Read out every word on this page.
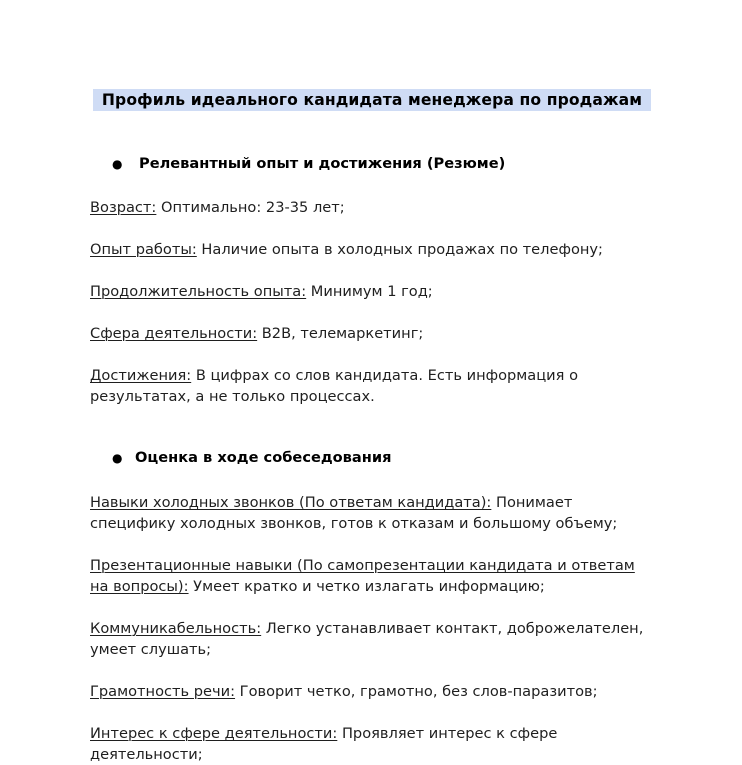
Профиль идеального кандидата менеджера по продажам
● Релевантный опыт и достижения (Резюме)
Возраст: Оптимально: 23-35 лет;
Опыт работы: Наличие опыта в холодных продажах по телефону;
Продолжительность опыта: Минимум 1 год;
Сфера деятельности: B2B, телемаркетинг;
Достижения: В цифрах со слов кандидата. Есть информация о результатах, а не только процессах.
● Оценка в ходе собеседования
Навыки холодных звонков (По ответам кандидата): Понимает специфику холодных звонков, готов к отказам и большому объему;
Презентационные навыки (По самопрезентации кандидата и ответам на вопросы): Умеет кратко и четко излагать информацию;
Коммуникабельность: Легко устанавливает контакт, доброжелателен, умеет слушать;
Грамотность речи: Говорит четко, грамотно, без слов-паразитов;
Интерес к сфере деятельности: Проявляет интерес к сфере деятельности;
